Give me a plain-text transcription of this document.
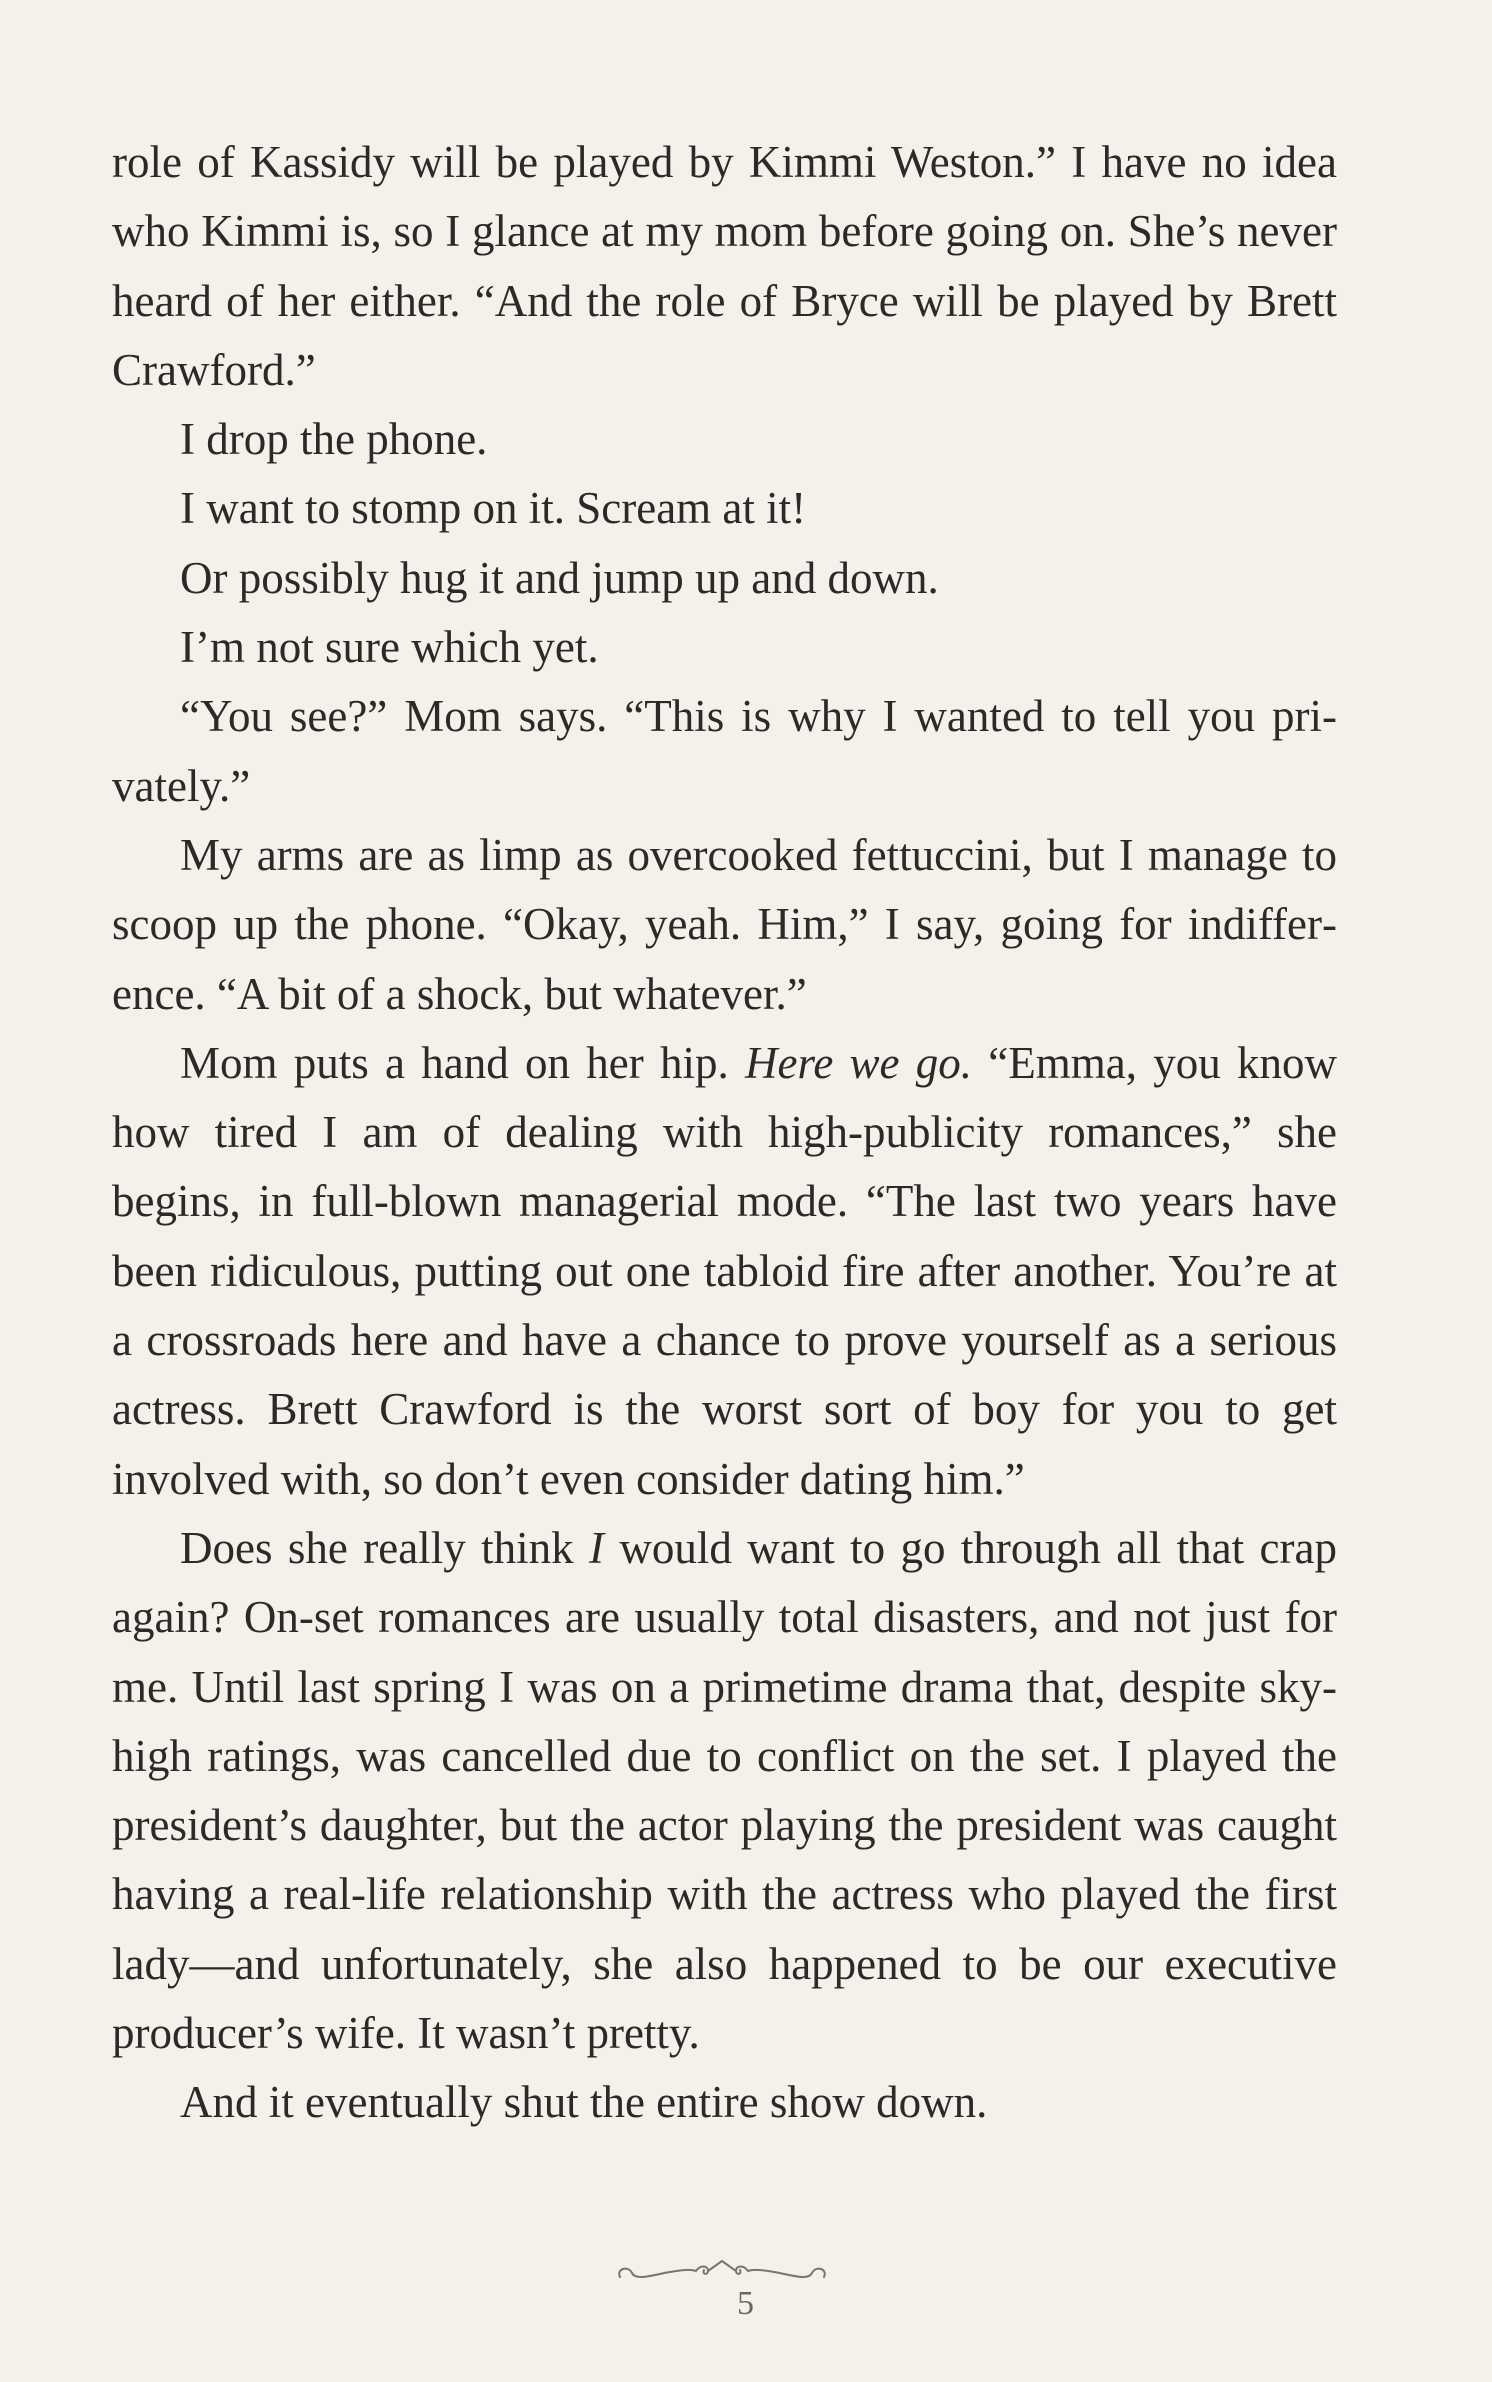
role of Kassidy will be played by Kimmi Weston.” I have no idea who Kimmi is, so I glance at my mom before going on. She’s never heard of her either. “And the role of Bryce will be played by Brett Crawford.”

I drop the phone.

I want to stomp on it. Scream at it!

Or possibly hug it and jump up and down.

I’m not sure which yet.

“You see?” Mom says. “This is why I wanted to tell you privately.”

My arms are as limp as overcooked fettuccini, but I manage to scoop up the phone. “Okay, yeah. Him,” I say, going for indifference. “A bit of a shock, but whatever.”

Mom puts a hand on her hip. Here we go. “Emma, you know how tired I am of dealing with high-publicity romances,” she begins, in full-blown managerial mode. “The last two years have been ridiculous, putting out one tabloid fire after another. You’re at a crossroads here and have a chance to prove yourself as a serious actress. Brett Crawford is the worst sort of boy for you to get involved with, so don’t even consider dating him.”

Does she really think I would want to go through all that crap again? On-set romances are usually total disasters, and not just for me. Until last spring I was on a primetime drama that, despite sky-high ratings, was cancelled due to conflict on the set. I played the president’s daughter, but the actor playing the president was caught having a real-life relationship with the actress who played the first lady—and unfortunately, she also happened to be our executive producer’s wife. It wasn’t pretty.

And it eventually shut the entire show down.

5
